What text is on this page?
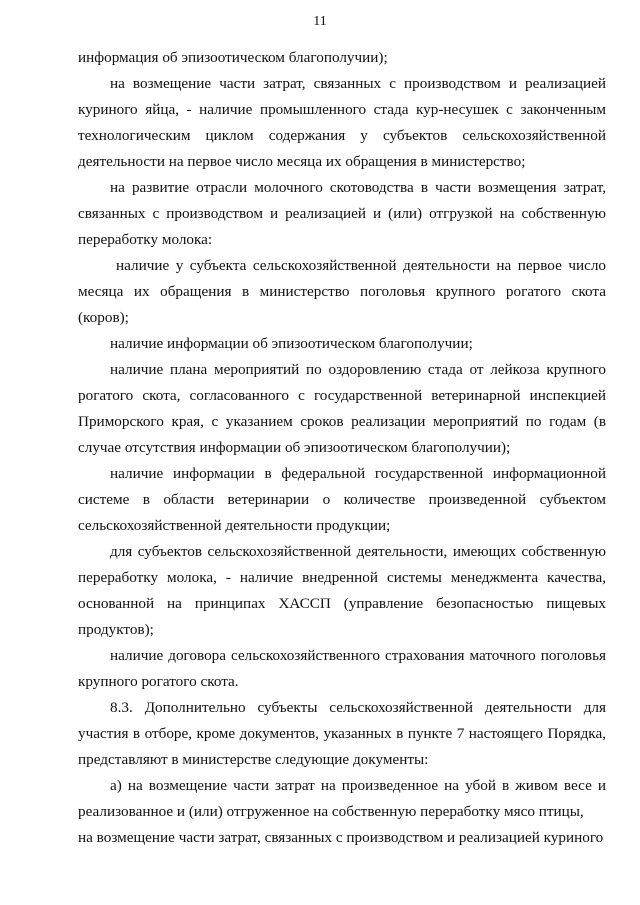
11

информация об эпизоотическом благополучии);

на возмещение части затрат, связанных с производством и реализацией куриного яйца, - наличие промышленного стада кур-несушек с законченным технологическим циклом содержания у субъектов сельскохозяйственной деятельности на первое число месяца их обращения в министерство;

на развитие отрасли молочного скотоводства в части возмещения затрат, связанных с производством и реализацией и (или) отгрузкой на собственную переработку молока:

наличие у субъекта сельскохозяйственной деятельности на первое число месяца их обращения в министерство поголовья крупного рогатого скота (коров);

наличие информации об эпизоотическом благополучии;

наличие плана мероприятий по оздоровлению стада от лейкоза крупного рогатого скота, согласованного с государственной ветеринарной инспекцией Приморского края, с указанием сроков реализации мероприятий по годам (в случае отсутствия информации об эпизоотическом благополучии);

наличие информации в федеральной государственной информационной системе в области ветеринарии о количестве произведенной субъектом сельскохозяйственной деятельности продукции;

для субъектов сельскохозяйственной деятельности, имеющих собственную переработку молока, - наличие внедренной системы менеджмента качества, основанной на принципах ХАССП (управление безопасностью пищевых продуктов);

наличие договора сельскохозяйственного страхования маточного поголовья крупного рогатого скота.

8.3. Дополнительно субъекты сельскохозяйственной деятельности для участия в отборе, кроме документов, указанных в пункте 7 настоящего Порядка, представляют в министерстве следующие документы:

а) на возмещение части затрат на произведенное на убой в живом весе и реализованное и (или) отгруженное на собственную переработку мясо птицы,

на возмещение части затрат, связанных с производством и реализацией куриного
